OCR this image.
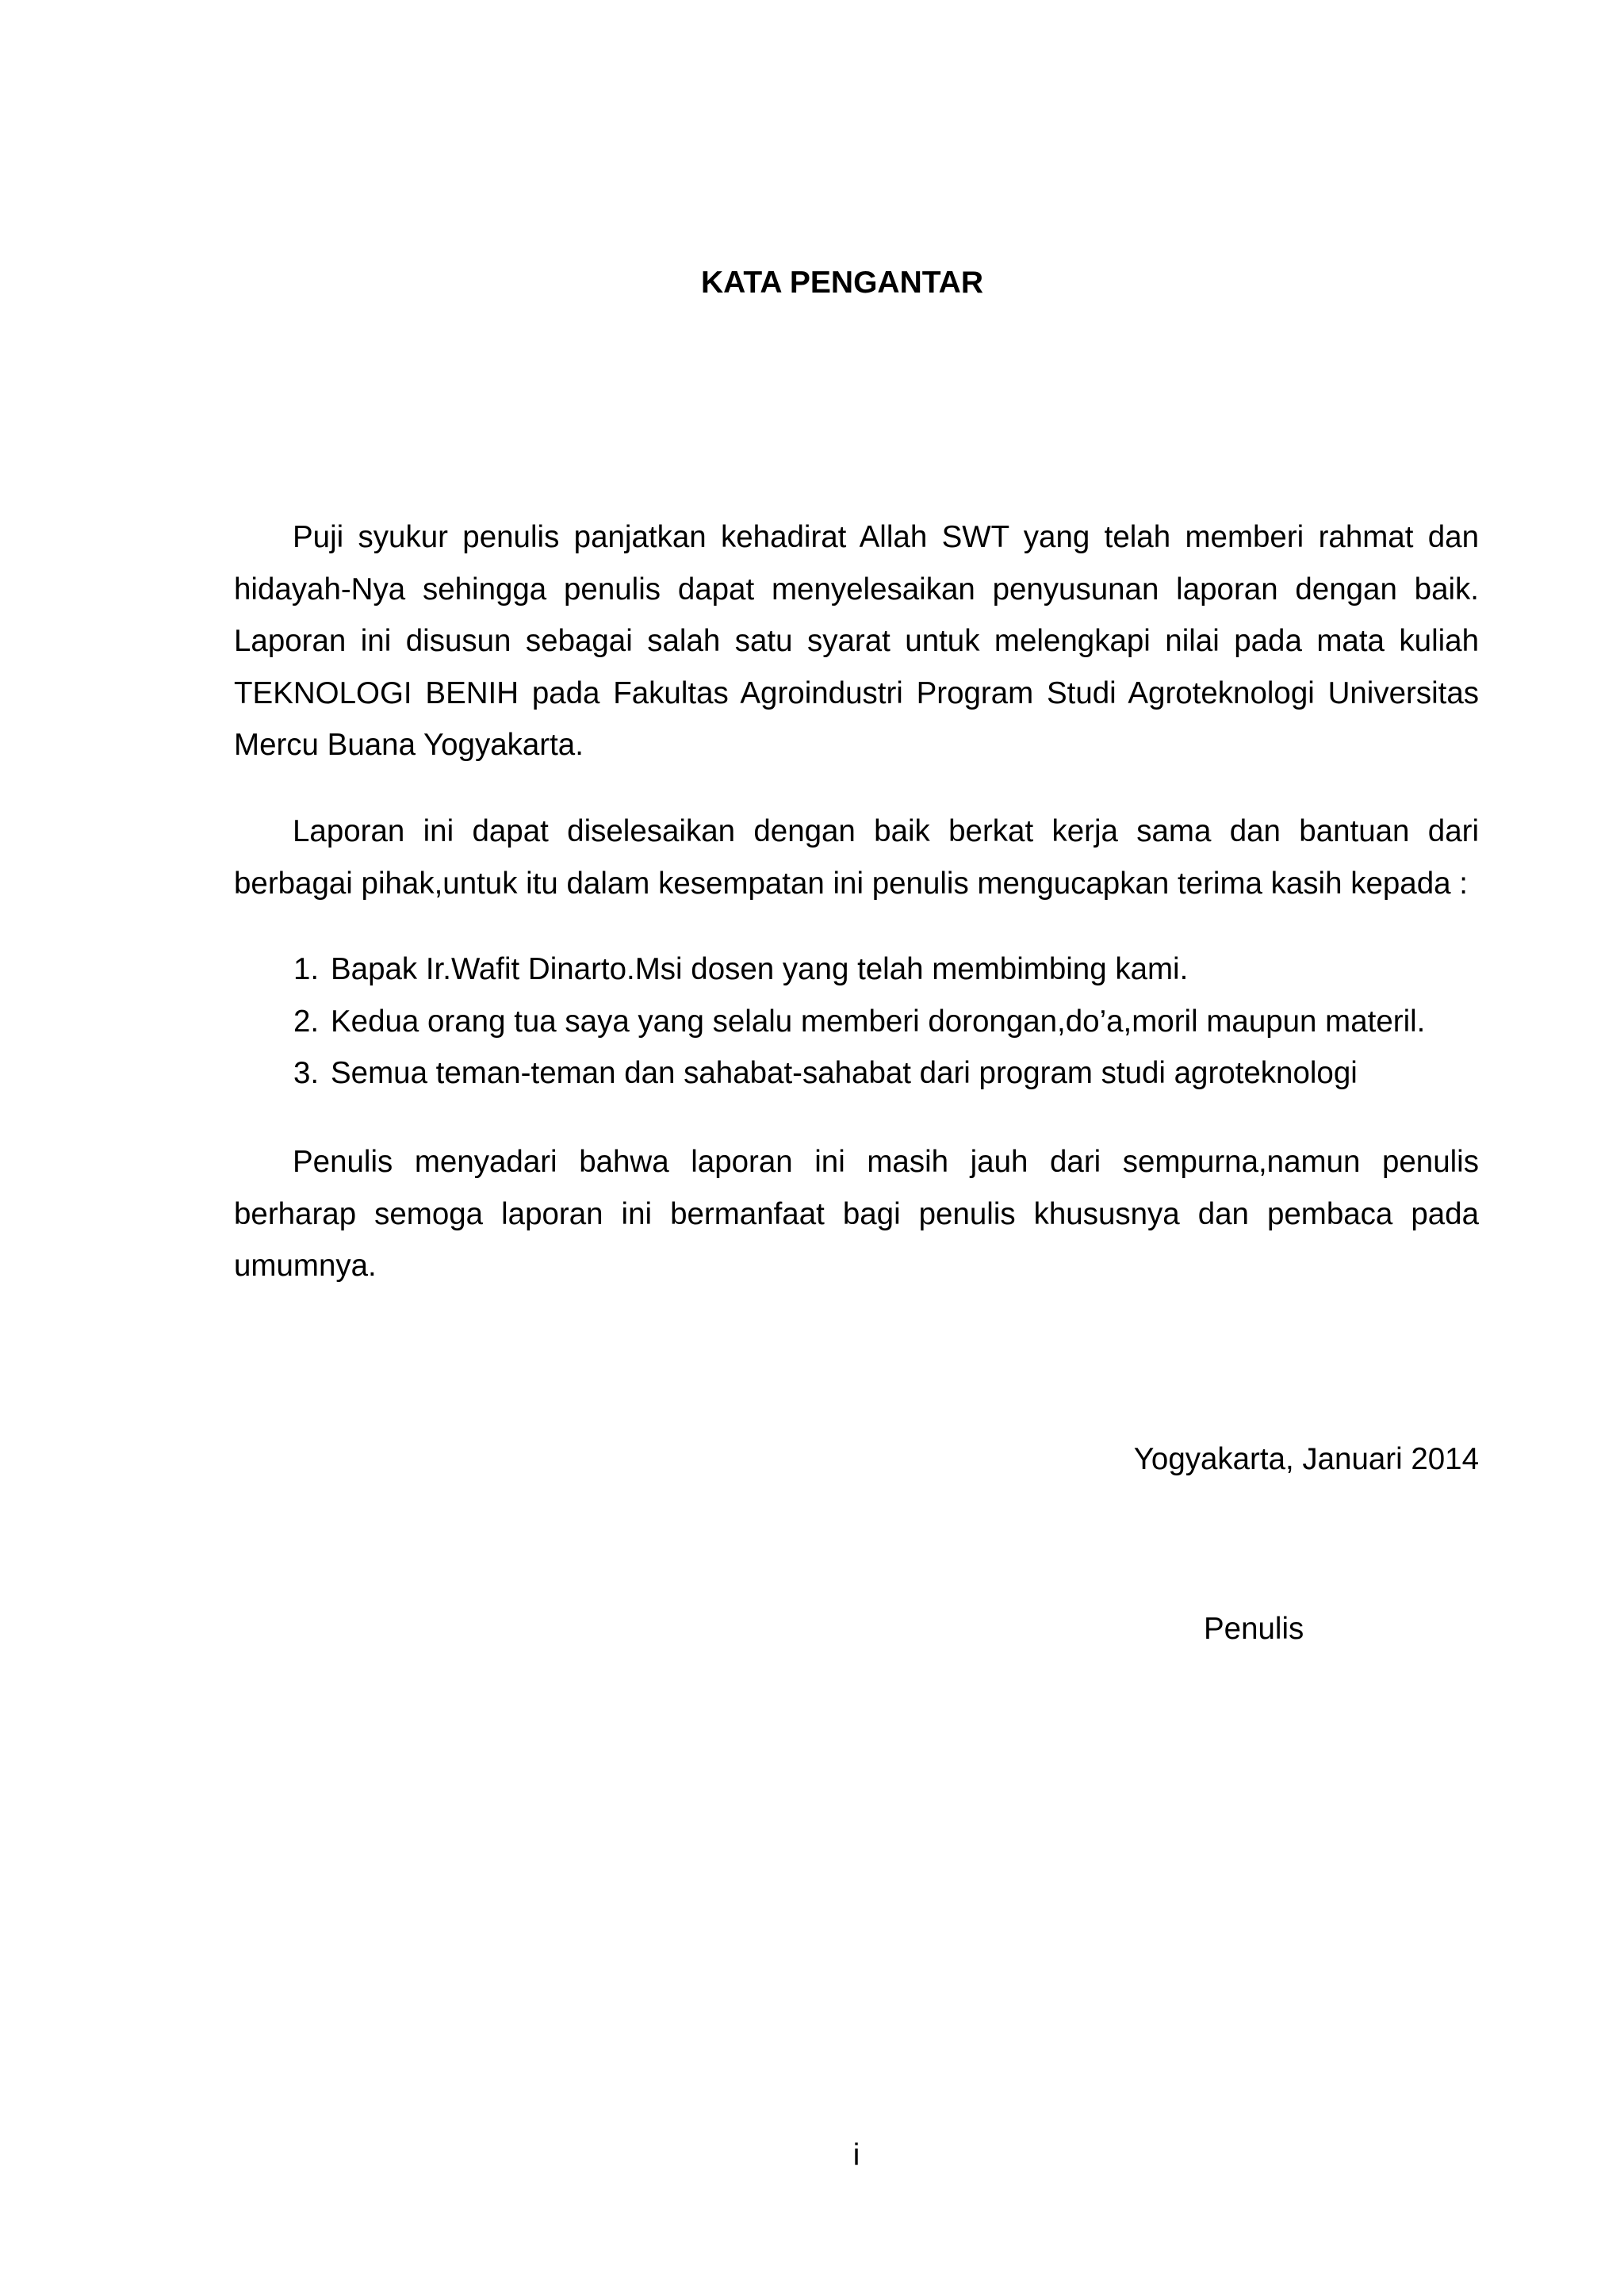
KATA PENGANTAR

Puji syukur penulis panjatkan kehadirat Allah SWT yang telah memberi rahmat dan hidayah-Nya sehingga penulis dapat menyelesaikan penyusunan laporan dengan baik. Laporan ini disusun sebagai salah satu syarat untuk melengkapi nilai pada mata kuliah TEKNOLOGI BENIH pada Fakultas Agroindustri Program Studi Agroteknologi Universitas Mercu Buana Yogyakarta.

Laporan ini dapat diselesaikan dengan baik berkat kerja sama dan bantuan dari berbagai pihak,untuk itu dalam kesempatan ini penulis mengucapkan terima kasih kepada :

1. Bapak Ir.Wafit Dinarto.Msi dosen yang telah membimbing kami.
2. Kedua orang tua saya yang selalu memberi dorongan,do’a,moril maupun materil.
3. Semua teman-teman dan sahabat-sahabat dari program studi agroteknologi

Penulis menyadari bahwa laporan ini masih jauh dari sempurna,namun penulis berharap semoga laporan ini bermanfaat bagi penulis khususnya dan pembaca pada umumnya.

Yogyakarta, Januari 2014

Penulis

i
